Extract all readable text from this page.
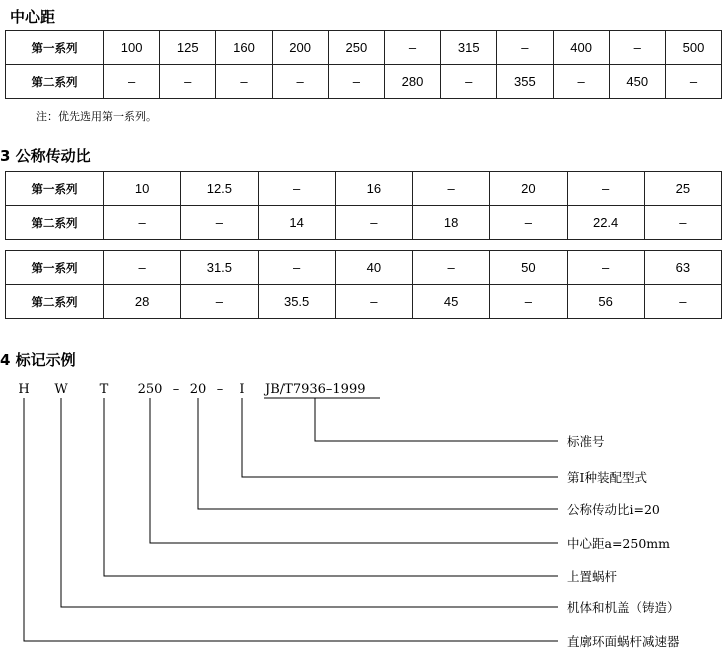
中心距
第一系列	100	125	160	200	250	–	315	–	400	–	500
第二系列	–	–	–	–	–	280	–	355	–	450	–
注：优先选用第一系列。
3 公称传动比
第一系列	10	12.5	–	16	–	20	–	25
第二系列	–	–	14	–	18	–	22.4	–
第一系列	–	31.5	–	40	–	50	–	63
第二系列	28	–	35.5	–	45	–	56	–
4 标记示例
H W T 250 – 20 – I JB/T7936–1999
标准号
第I种装配型式
公称传动比i=20
中心距a=250mm
上置蜗杆
机体和机盖（铸造）
直廓环面蜗杆减速器
